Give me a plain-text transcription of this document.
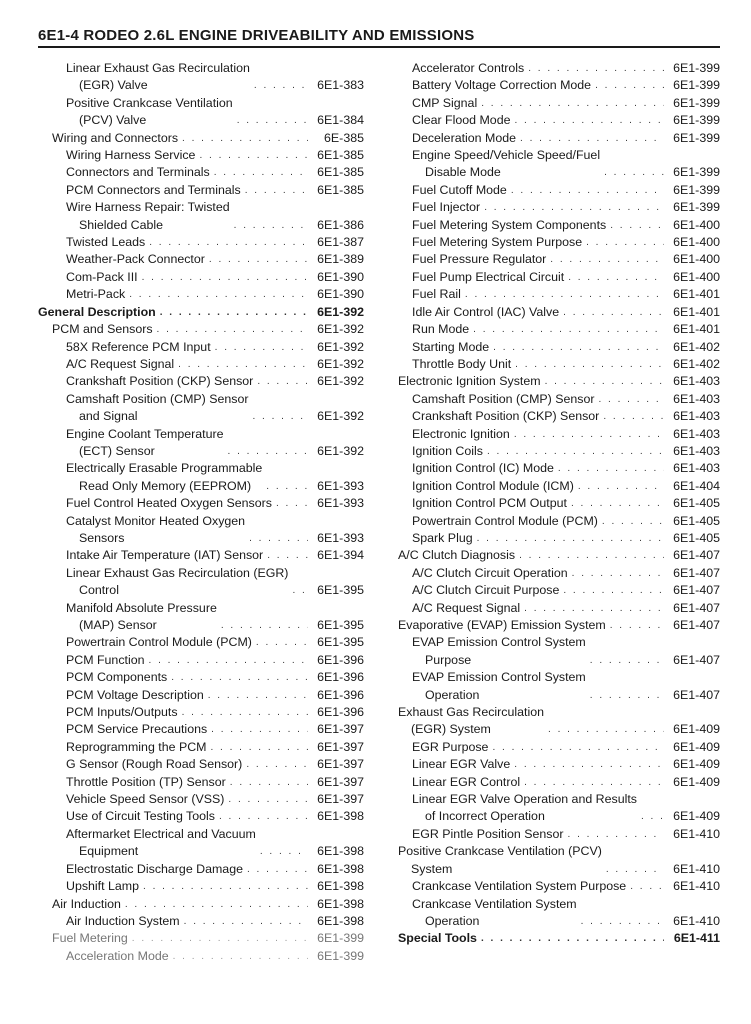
6E1-4 RODEO 2.6L ENGINE DRIVEABILITY AND EMISSIONS
Linear Exhaust Gas Recirculation
(EGR) Valve . . .	6E1-383
Positive Crankcase Ventilation
(PCV) Valve . . .	6E1-384
Wiring and Connectors . . .	6E-385
Wiring Harness Service . . .	6E1-385
Connectors and Terminals . . .	6E1-385
PCM Connectors and Terminals . . .	6E1-385
Wire Harness Repair: Twisted
Shielded Cable . . .	6E1-386
Twisted Leads . . .	6E1-387
Weather-Pack Connector . . .	6E1-389
Com-Pack III . . .	6E1-390
Metri-Pack . . .	6E1-390
General Description . . .	6E1-392
PCM and Sensors . . .	6E1-392
58X Reference PCM Input . . .	6E1-392
A/C Request Signal . . .	6E1-392
Crankshaft Position (CKP) Sensor . . .	6E1-392
Camshaft Position (CMP) Sensor
and Signal . . .	6E1-392
Engine Coolant Temperature
(ECT) Sensor . . .	6E1-392
Electrically Erasable Programmable
Read Only Memory (EEPROM) . . .	6E1-393
Fuel Control Heated Oxygen Sensors . . .	6E1-393
Catalyst Monitor Heated Oxygen
Sensors . . .	6E1-393
Intake Air Temperature (IAT) Sensor . . .	6E1-394
Linear Exhaust Gas Recirculation (EGR)
Control . . .	6E1-395
Manifold Absolute Pressure
(MAP) Sensor . . .	6E1-395
Powertrain Control Module (PCM) . . .	6E1-395
PCM Function . . .	6E1-396
PCM Components . . .	6E1-396
PCM Voltage Description . . .	6E1-396
PCM Inputs/Outputs . . .	6E1-396
PCM Service Precautions . . .	6E1-397
Reprogramming the PCM . . .	6E1-397
G Sensor (Rough Road Sensor) . . .	6E1-397
Throttle Position (TP) Sensor . . .	6E1-397
Vehicle Speed Sensor (VSS) . . .	6E1-397
Use of Circuit Testing Tools . . .	6E1-398
Aftermarket Electrical and Vacuum
Equipment . . .	6E1-398
Electrostatic Discharge Damage . . .	6E1-398
Upshift Lamp . . .	6E1-398
Air Induction . . .	6E1-398
Air Induction System . . .	6E1-398
Fuel Metering . . .	6E1-399
Acceleration Mode . . .	6E1-399
Accelerator Controls . . .	6E1-399
Battery Voltage Correction Mode . . .	6E1-399
CMP Signal . . .	6E1-399
Clear Flood Mode . . .	6E1-399
Deceleration Mode . . .	6E1-399
Engine Speed/Vehicle Speed/Fuel
Disable Mode . . .	6E1-399
Fuel Cutoff Mode . . .	6E1-399
Fuel Injector . . .	6E1-399
Fuel Metering System Components . . .	6E1-400
Fuel Metering System Purpose . . .	6E1-400
Fuel Pressure Regulator . . .	6E1-400
Fuel Pump Electrical Circuit . . .	6E1-400
Fuel Rail . . .	6E1-401
Idle Air Control (IAC) Valve . . .	6E1-401
Run Mode . . .	6E1-401
Starting Mode . . .	6E1-402
Throttle Body Unit . . .	6E1-402
Electronic Ignition System . . .	6E1-403
Camshaft Position (CMP) Sensor . . .	6E1-403
Crankshaft Position (CKP) Sensor . . .	6E1-403
Electronic Ignition . . .	6E1-403
Ignition Coils . . .	6E1-403
Ignition Control (IC) Mode . . .	6E1-403
Ignition Control Module (ICM) . . .	6E1-404
Ignition Control PCM Output . . .	6E1-405
Powertrain Control Module (PCM) . . .	6E1-405
Spark Plug . . .	6E1-405
A/C Clutch Diagnosis . . .	6E1-407
A/C Clutch Circuit Operation . . .	6E1-407
A/C Clutch Circuit Purpose . . .	6E1-407
A/C Request Signal . . .	6E1-407
Evaporative (EVAP) Emission System . . .	6E1-407
EVAP Emission Control System
Purpose . . .	6E1-407
EVAP Emission Control System
Operation . . .	6E1-407
Exhaust Gas Recirculation
(EGR) System . . .	6E1-409
EGR Purpose . . .	6E1-409
Linear EGR Valve . . .	6E1-409
Linear EGR Control . . .	6E1-409
Linear EGR Valve Operation and Results
of Incorrect Operation . . .	6E1-409
EGR Pintle Position Sensor . . .	6E1-410
Positive Crankcase Ventilation (PCV)
System . . .	6E1-410
Crankcase Ventilation System Purpose . . .	6E1-410
Crankcase Ventilation System
Operation . . .	6E1-410
Special Tools . . .	6E1-411
